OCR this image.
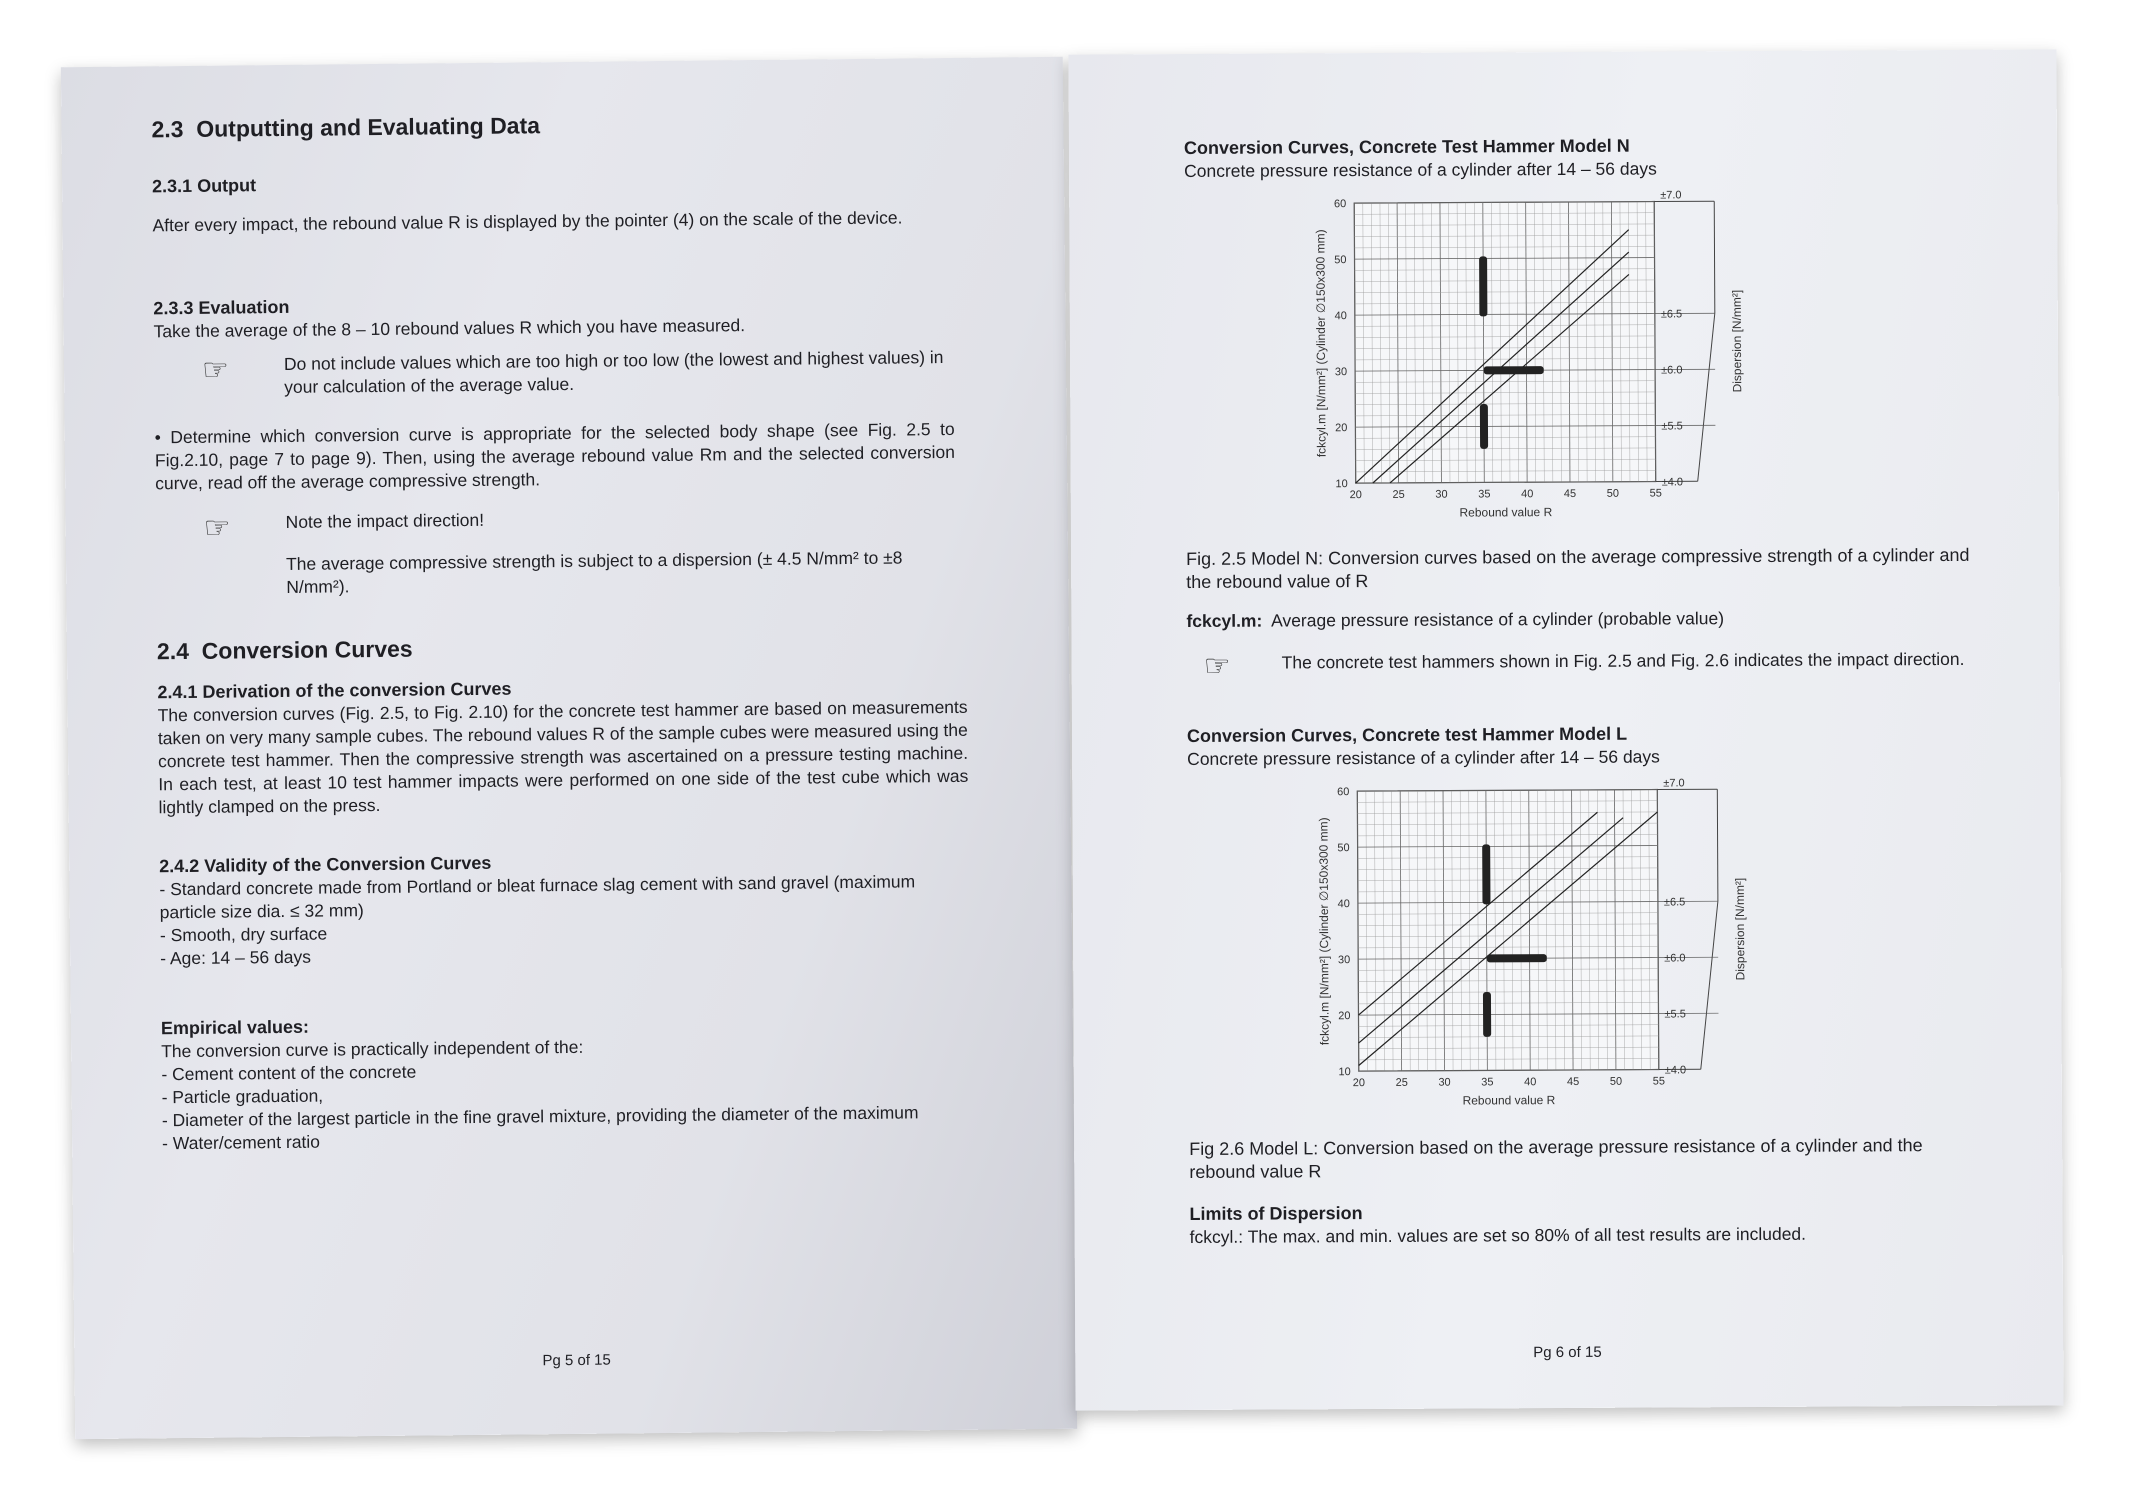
2.3 Outputting and Evaluating Data
2.3.1 Output
After every impact, the rebound value R is displayed by the pointer (4) on the scale of the device.
2.3.3 Evaluation
Take the average of the 8 – 10 rebound values R which you have measured.
☞	Do not include values which are too high or too low (the lowest and highest values) in your calculation of the average value.
• Determine which conversion curve is appropriate for the selected body shape (see Fig. 2.5 to Fig.2.10, page 7 to page 9). Then, using the average rebound value Rm and the selected conversion curve, read off the average compressive strength.
☞	Note the impact direction!
The average compressive strength is subject to a dispersion (± 4.5 N/mm² to ±8 N/mm²).
2.4 Conversion Curves
2.4.1 Derivation of the conversion Curves
The conversion curves (Fig. 2.5, to Fig. 2.10) for the concrete test hammer are based on measurements taken on very many sample cubes. The rebound values R of the sample cubes were measured using the concrete test hammer. Then the compressive strength was ascertained on a pressure testing machine. In each test, at least 10 test hammer impacts were performed on one side of the test cube which was lightly clamped on the press.
2.4.2 Validity of the Conversion Curves
- Standard concrete made from Portland or bleat furnace slag cement with sand gravel (maximum particle size dia. ≤ 32 mm)
- Smooth, dry surface
- Age: 14 – 56 days
Empirical values:
The conversion curve is practically independent of the:
- Cement content of the concrete
- Particle graduation,
- Diameter of the largest particle in the fine gravel mixture, providing the diameter of the maximum
- Water/cement ratio
Pg 5 of 15
Conversion Curves, Concrete Test Hammer Model N
Concrete pressure resistance of a cylinder after 14 – 56 days
±4.0
±5.5
±6.0
±6.5
±7.0
20	25	30	35	40	45	50	55
10
20
30
40
50
60
Rebound value R
fckcyl.m [N/mm²] (Cylinder ∅150x300 mm)	Dispersion [N/mm²]
Fig. 2.5 Model N: Conversion curves based on the average compressive strength of a cylinder and the rebound value of R
fckcyl.m: Average pressure resistance of a cylinder (probable value)
☞	The concrete test hammers shown in Fig. 2.5 and Fig. 2.6 indicates the impact direction.
Conversion Curves, Concrete test Hammer Model L
Concrete pressure resistance of a cylinder after 14 – 56 days
±4.0
±5.5
±6.0
±6.5
±7.0
20	25	30	35	40	45	50	55
10
20
30
40
50
60
Rebound value R
fckcyl.m [N/mm²] (Cylinder ∅150x300 mm)	Dispersion [N/mm²]
Fig 2.6 Model L: Conversion based on the average pressure resistance of a cylinder and the rebound value R
Limits of Dispersion
fckcyl.: The max. and min. values are set so 80% of all test results are included.
Pg 6 of 15
